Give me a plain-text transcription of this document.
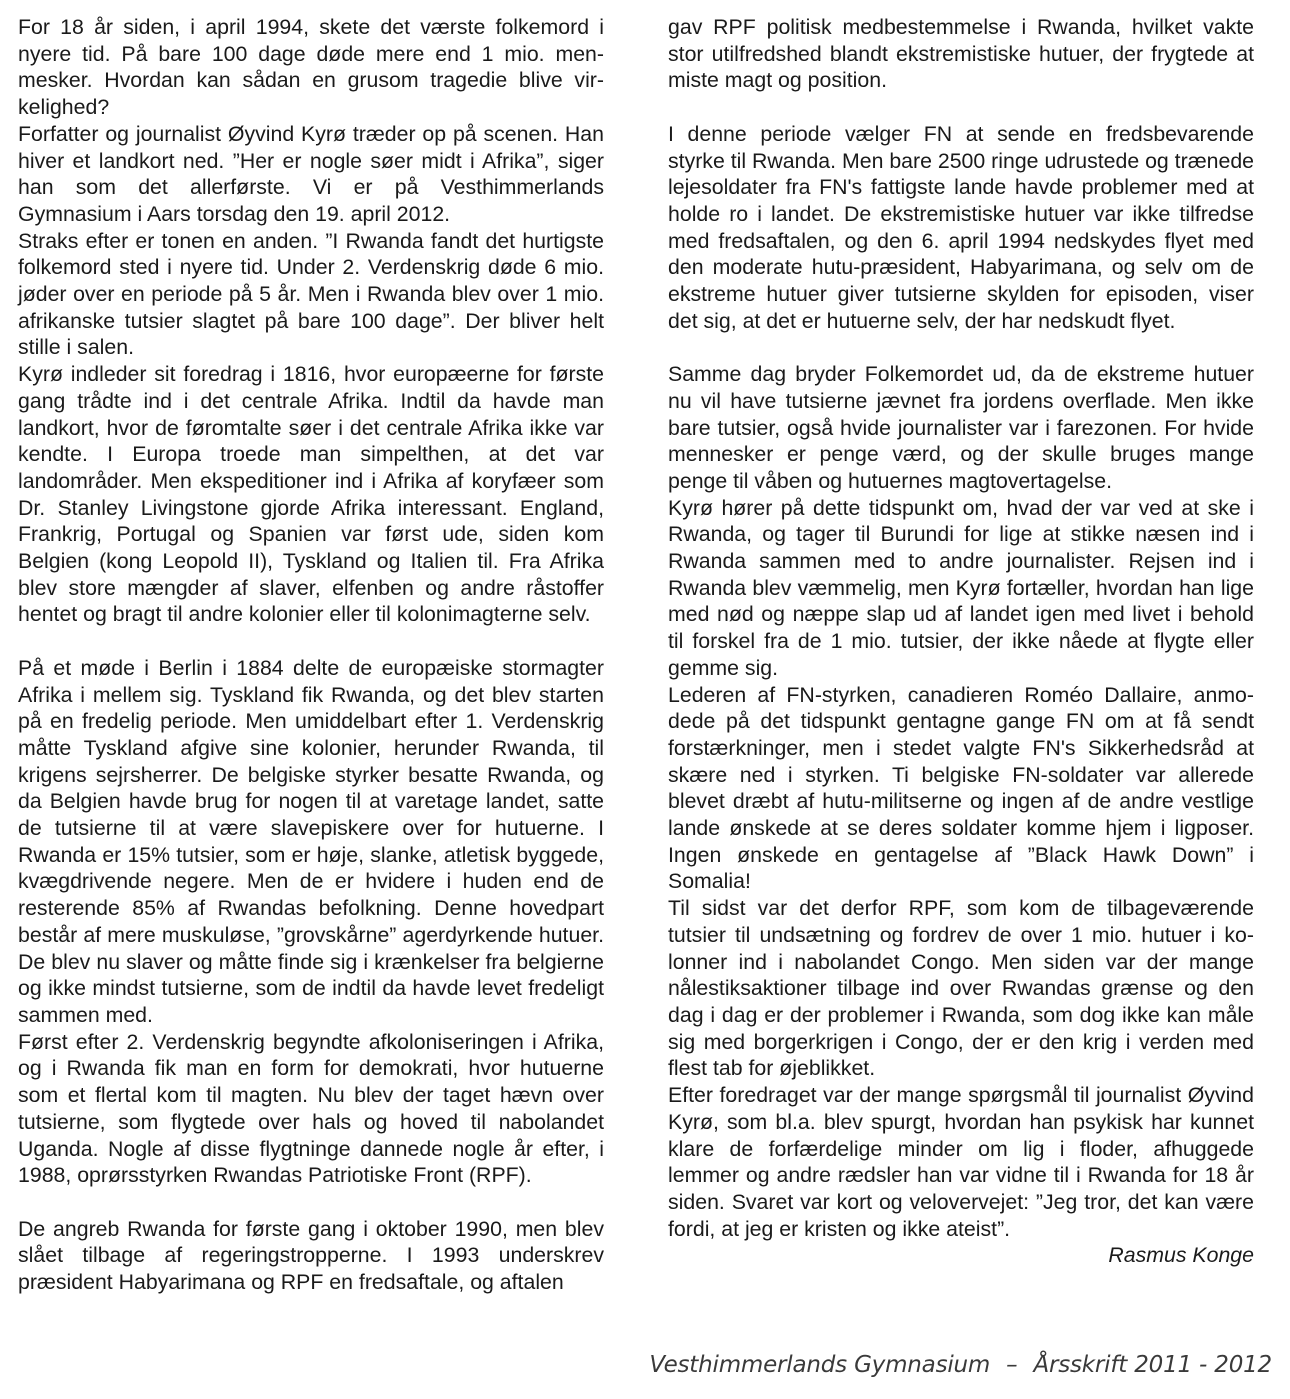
For 18 år siden, i april 1994, skete det værste folkemord i nyere tid. På bare 100 dage døde mere end 1 mio. menmesker. Hvordan kan sådan en grusom tragedie blive virkelighed?

Forfatter og journalist Øyvind Kyrø træder op på scenen. Han hiver et landkort ned. ”Her er nogle søer midt i Afrika”, siger han som det allerførste. Vi er på Vesthimmerlands Gymnasium i Aars torsdag den 19. april 2012.

Straks efter er tonen en anden. ”I Rwanda fandt det hurtigste folkemord sted i nyere tid. Under 2. Verdenskrig døde 6 mio. jøder over en periode på 5 år. Men i Rwanda blev over 1 mio. afrikanske tutsier slagtet på bare 100 dage”. Der bliver helt stille i salen.

Kyrø indleder sit foredrag i 1816, hvor europæerne for første gang trådte ind i det centrale Afrika. Indtil da havde man landkort, hvor de føromtalte søer i det centrale Afrika ikke var kendte. I Europa troede man simpelthen, at det var landområder. Men ekspeditioner ind i Afrika af koryfæer som Dr. Stanley Livingstone gjorde Afrika interessant. England, Frankrig, Portugal og Spanien var først ude, siden kom Belgien (kong Leopold II), Tyskland og Italien til. Fra Afrika blev store mængder af slaver, elfenben og andre råstoffer hentet og bragt til andre kolonier eller til kolonimagterne selv.

På et møde i Berlin i 1884 delte de europæiske stormagter Afrika i mellem sig. Tyskland fik Rwanda, og det blev starten på en fredelig periode. Men umiddelbart efter 1. Verdenskrig måtte Tyskland afgive sine kolonier, herunder Rwanda, til krigens sejrsherrer. De belgiske styrker besatte Rwanda, og da Belgien havde brug for nogen til at varetage landet, satte de tutsierne til at være slavepiskere over for hutuerne. I Rwanda er 15% tutsier, som er høje, slanke, atletisk byggede, kvægdrivende negere. Men de er hvidere i huden end de resterende 85% af Rwandas befolkning. Denne hovedpart består af mere muskuløse, ”grovskårne” agerdyrkende hutuer. De blev nu slaver og måtte finde sig i krænkelser fra belgierne og ikke mindst tutsierne, som de indtil da havde levet fredeligt sammen med.

Først efter 2. Verdenskrig begyndte afkoloniseringen i Afrika, og i Rwanda fik man en form for demokrati, hvor hutuerne som et flertal kom til magten. Nu blev der taget hævn over tutsierne, som flygtede over hals og hoved til nabolandet Uganda. Nogle af disse flygtninge dannede nogle år efter, i 1988, oprørsstyrken Rwandas Patriotiske Front (RPF).

De angreb Rwanda for første gang i oktober 1990, men blev slået tilbage af regeringstropperne. I 1993 underskrev præsident Habyarimana og RPF en fredsaftale, og aftalen

gav RPF politisk medbestemmelse i Rwanda, hvilket vakte stor utilfredshed blandt ekstremistiske hutuer, der frygtede at miste magt og position.

I denne periode vælger FN at sende en fredsbevarende styrke til Rwanda. Men bare 2500 ringe udrustede og trænede lejesoldater fra FN's fattigste lande havde problemer med at holde ro i landet. De ekstremistiske hutuer var ikke tilfredse med fredsaftalen, og den 6. april 1994 nedskydes flyet med den moderate hutu-præsident, Habyarimana, og selv om de ekstreme hutuer giver tutsierne skylden for episoden, viser det sig, at det er hutuerne selv, der har nedskudt flyet.

Samme dag bryder Folkemordet ud, da de ekstreme hutuer nu vil have tutsierne jævnet fra jordens overflade. Men ikke bare tutsier, også hvide journalister var i farezonen. For hvide mennesker er penge værd, og der skulle bruges mange penge til våben og hutuernes magtovertagelse.

Kyrø hører på dette tidspunkt om, hvad der var ved at ske i Rwanda, og tager til Burundi for lige at stikke næsen ind i Rwanda sammen med to andre journalister. Rejsen ind i Rwanda blev væmmelig, men Kyrø fortæller, hvordan han lige med nød og næppe slap ud af landet igen med livet i behold til forskel fra de 1 mio. tutsier, der ikke nåede at flygte eller gemme sig.

Lederen af FN-styrken, canadieren Roméo Dallaire, anmodede på det tidspunkt gentagne gange FN om at få sendt forstærkninger, men i stedet valgte FN's Sikkerhedsråd at skære ned i styrken. Ti belgiske FN-soldater var allerede blevet dræbt af hutu-militserne og ingen af de andre vestlige lande ønskede at se deres soldater komme hjem i ligposer. Ingen ønskede en gentagelse af ”Black Hawk Down” i Somalia!

Til sidst var det derfor RPF, som kom de tilbageværende tutsier til undsætning og fordrev de over 1 mio. hutuer i kolonner ind i nabolandet Congo. Men siden var der mange nålestiksaktioner tilbage ind over Rwandas grænse og den dag i dag er der problemer i Rwanda, som dog ikke kan måle sig med borgerkrigen i Congo, der er den krig i verden med flest tab for øjeblikket.

Efter foredraget var der mange spørgsmål til journalist Øyvind Kyrø, som bl.a. blev spurgt, hvordan han psykisk har kunnet klare de forfærdelige minder om lig i floder, afhuggede lemmer og andre rædsler han var vidne til i Rwanda for 18 år siden. Svaret var kort og velovervejet: ”Jeg tror, det kan være fordi, at jeg er kristen og ikke ateist”.

Rasmus Konge

Vesthimmerlands Gymnasium – Årsskrift 2011 - 2012
